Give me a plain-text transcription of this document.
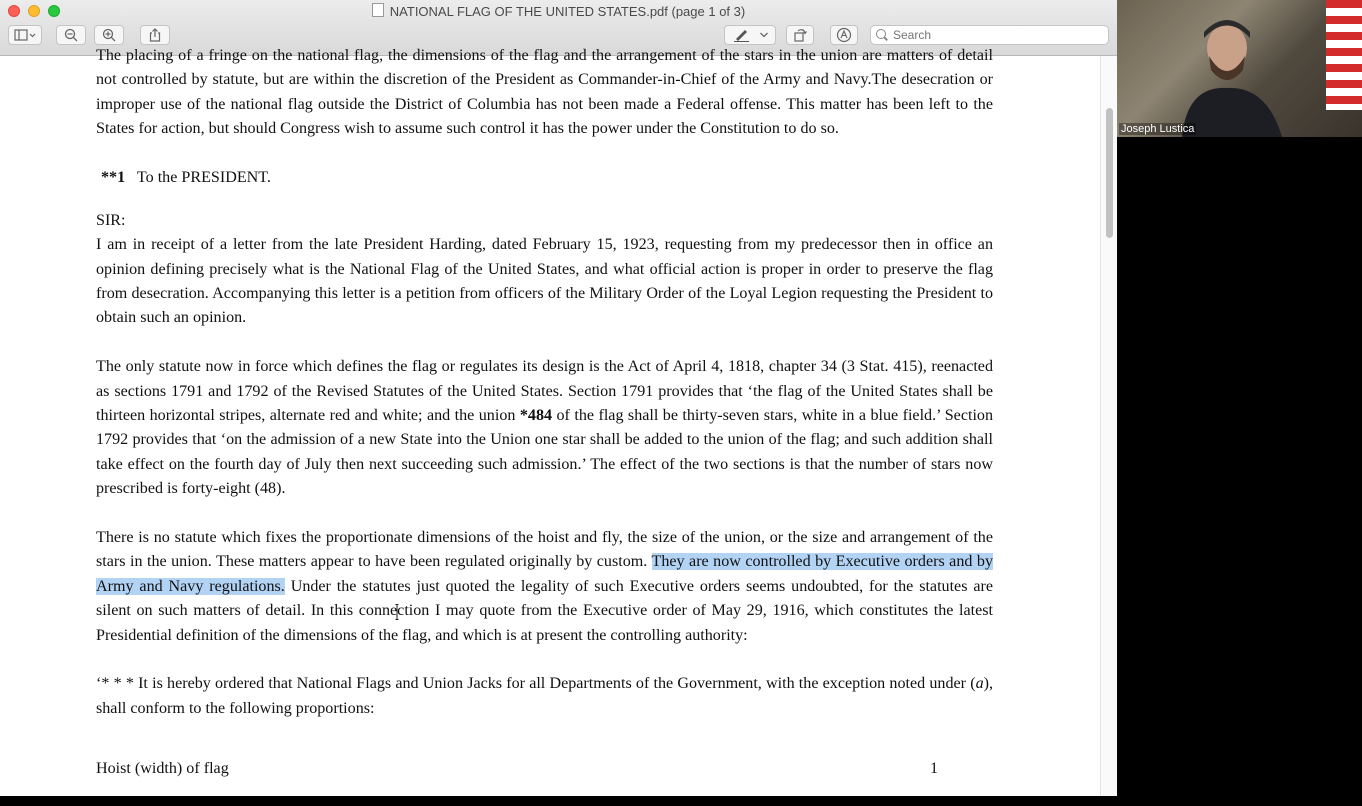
NATIONAL FLAG OF THE UNITED STATES.pdf (page 1 of 3)
Search

The placing of a fringe on the national flag, the dimensions of the flag and the arrangement of the stars in the union are matters of detail not controlled by statute, but are within the discretion of the President as Commander-in-Chief of the Army and Navy.The desecration or improper use of the national flag outside the District of Columbia has not been made a Federal offense. This matter has been left to the States for action, but should Congress wish to assume such control it has the power under the Constitution to do so.

**1 To the PRESIDENT.

SIR:

I am in receipt of a letter from the late President Harding, dated February 15, 1923, requesting from my predecessor then in office an opinion defining precisely what is the National Flag of the United States, and what official action is proper in order to preserve the flag from desecration. Accompanying this letter is a petition from officers of the Military Order of the Loyal Legion requesting the President to obtain such an opinion.

The only statute now in force which defines the flag or regulates its design is the Act of April 4, 1818, chapter 34 (3 Stat. 415), reenacted as sections 1791 and 1792 of the Revised Statutes of the United States. Section 1791 provides that ‘the flag of the United States shall be thirteen horizontal stripes, alternate red and white; and the union *484 of the flag shall be thirty-seven stars, white in a blue field.’ Section 1792 provides that ‘on the admission of a new State into the Union one star shall be added to the union of the flag; and such addition shall take effect on the fourth day of July then next succeeding such admission.’ The effect of the two sections is that the number of stars now prescribed is forty-eight (48).

There is no statute which fixes the proportionate dimensions of the hoist and fly, the size of the union, or the size and arrangement of the stars in the union. These matters appear to have been regulated originally by custom. They are now controlled by Executive orders and by Army and Navy regulations. Under the statutes just quoted the legality of such Executive orders seems undoubted, for the statutes are silent on such matters of detail. In this connection I may quote from the Executive order of May 29, 1916, which constitutes the latest Presidential definition of the dimensions of the flag, and which is at present the controlling authority:

‘* * * It is hereby ordered that National Flags and Union Jacks for all Departments of the Government, with the exception noted under (a), shall conform to the following proportions:

Hoist (width) of flag	1

Joseph Lustica
